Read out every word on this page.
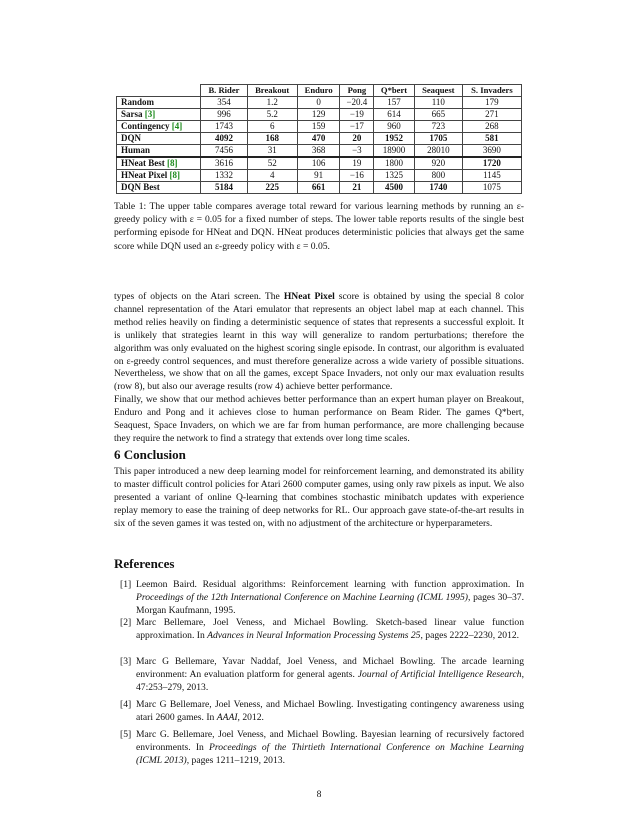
	B. Rider	Breakout	Enduro	Pong	Q*bert	Seaquest	S. Invaders
Random	354	1.2	0	−20.4	157	110	179
Sarsa [3]	996	5.2	129	−19	614	665	271
Contingency [4]	1743	6	159	−17	960	723	268
DQN	4092	168	470	20	1952	1705	581
Human	7456	31	368	−3	18900	28010	3690
HNeat Best [8]	3616	52	106	19	1800	920	1720
HNeat Pixel [8]	1332	4	91	−16	1325	800	1145
DQN Best	5184	225	661	21	4500	1740	1075
Table 1: The upper table compares average total reward for various learning methods by running an ε-greedy policy with ε = 0.05 for a fixed number of steps. The lower table reports results of the single best performing episode for HNeat and DQN. HNeat produces deterministic policies that always get the same score while DQN used an ε-greedy policy with ε = 0.05.

types of objects on the Atari screen. The HNeat Pixel score is obtained by using the special 8 color channel representation of the Atari emulator that represents an object label map at each channel. This method relies heavily on finding a deterministic sequence of states that represents a successful exploit. It is unlikely that strategies learnt in this way will generalize to random perturbations; therefore the algorithm was only evaluated on the highest scoring single episode. In contrast, our algorithm is evaluated on ε-greedy control sequences, and must therefore generalize across a wide variety of possible situations. Nevertheless, we show that on all the games, except Space Invaders, not only our max evaluation results (row 8), but also our average results (row 4) achieve better performance.

Finally, we show that our method achieves better performance than an expert human player on Breakout, Enduro and Pong and it achieves close to human performance on Beam Rider. The games Q*bert, Seaquest, Space Invaders, on which we are far from human performance, are more challenging because they require the network to find a strategy that extends over long time scales.

6 Conclusion

This paper introduced a new deep learning model for reinforcement learning, and demonstrated its ability to master difficult control policies for Atari 2600 computer games, using only raw pixels as input. We also presented a variant of online Q-learning that combines stochastic minibatch updates with experience replay memory to ease the training of deep networks for RL. Our approach gave state-of-the-art results in six of the seven games it was tested on, with no adjustment of the architecture or hyperparameters.

References
[1] Leemon Baird. Residual algorithms: Reinforcement learning with function approximation. In Proceedings of the 12th International Conference on Machine Learning (ICML 1995), pages 30–37. Morgan Kaufmann, 1995.
[2] Marc Bellemare, Joel Veness, and Michael Bowling. Sketch-based linear value function approximation. In Advances in Neural Information Processing Systems 25, pages 2222–2230, 2012.
[3] Marc G Bellemare, Yavar Naddaf, Joel Veness, and Michael Bowling. The arcade learning environment: An evaluation platform for general agents. Journal of Artificial Intelligence Research, 47:253–279, 2013.
[4] Marc G Bellemare, Joel Veness, and Michael Bowling. Investigating contingency awareness using atari 2600 games. In AAAI, 2012.
[5] Marc G. Bellemare, Joel Veness, and Michael Bowling. Bayesian learning of recursively factored environments. In Proceedings of the Thirtieth International Conference on Machine Learning (ICML 2013), pages 1211–1219, 2013.
8
